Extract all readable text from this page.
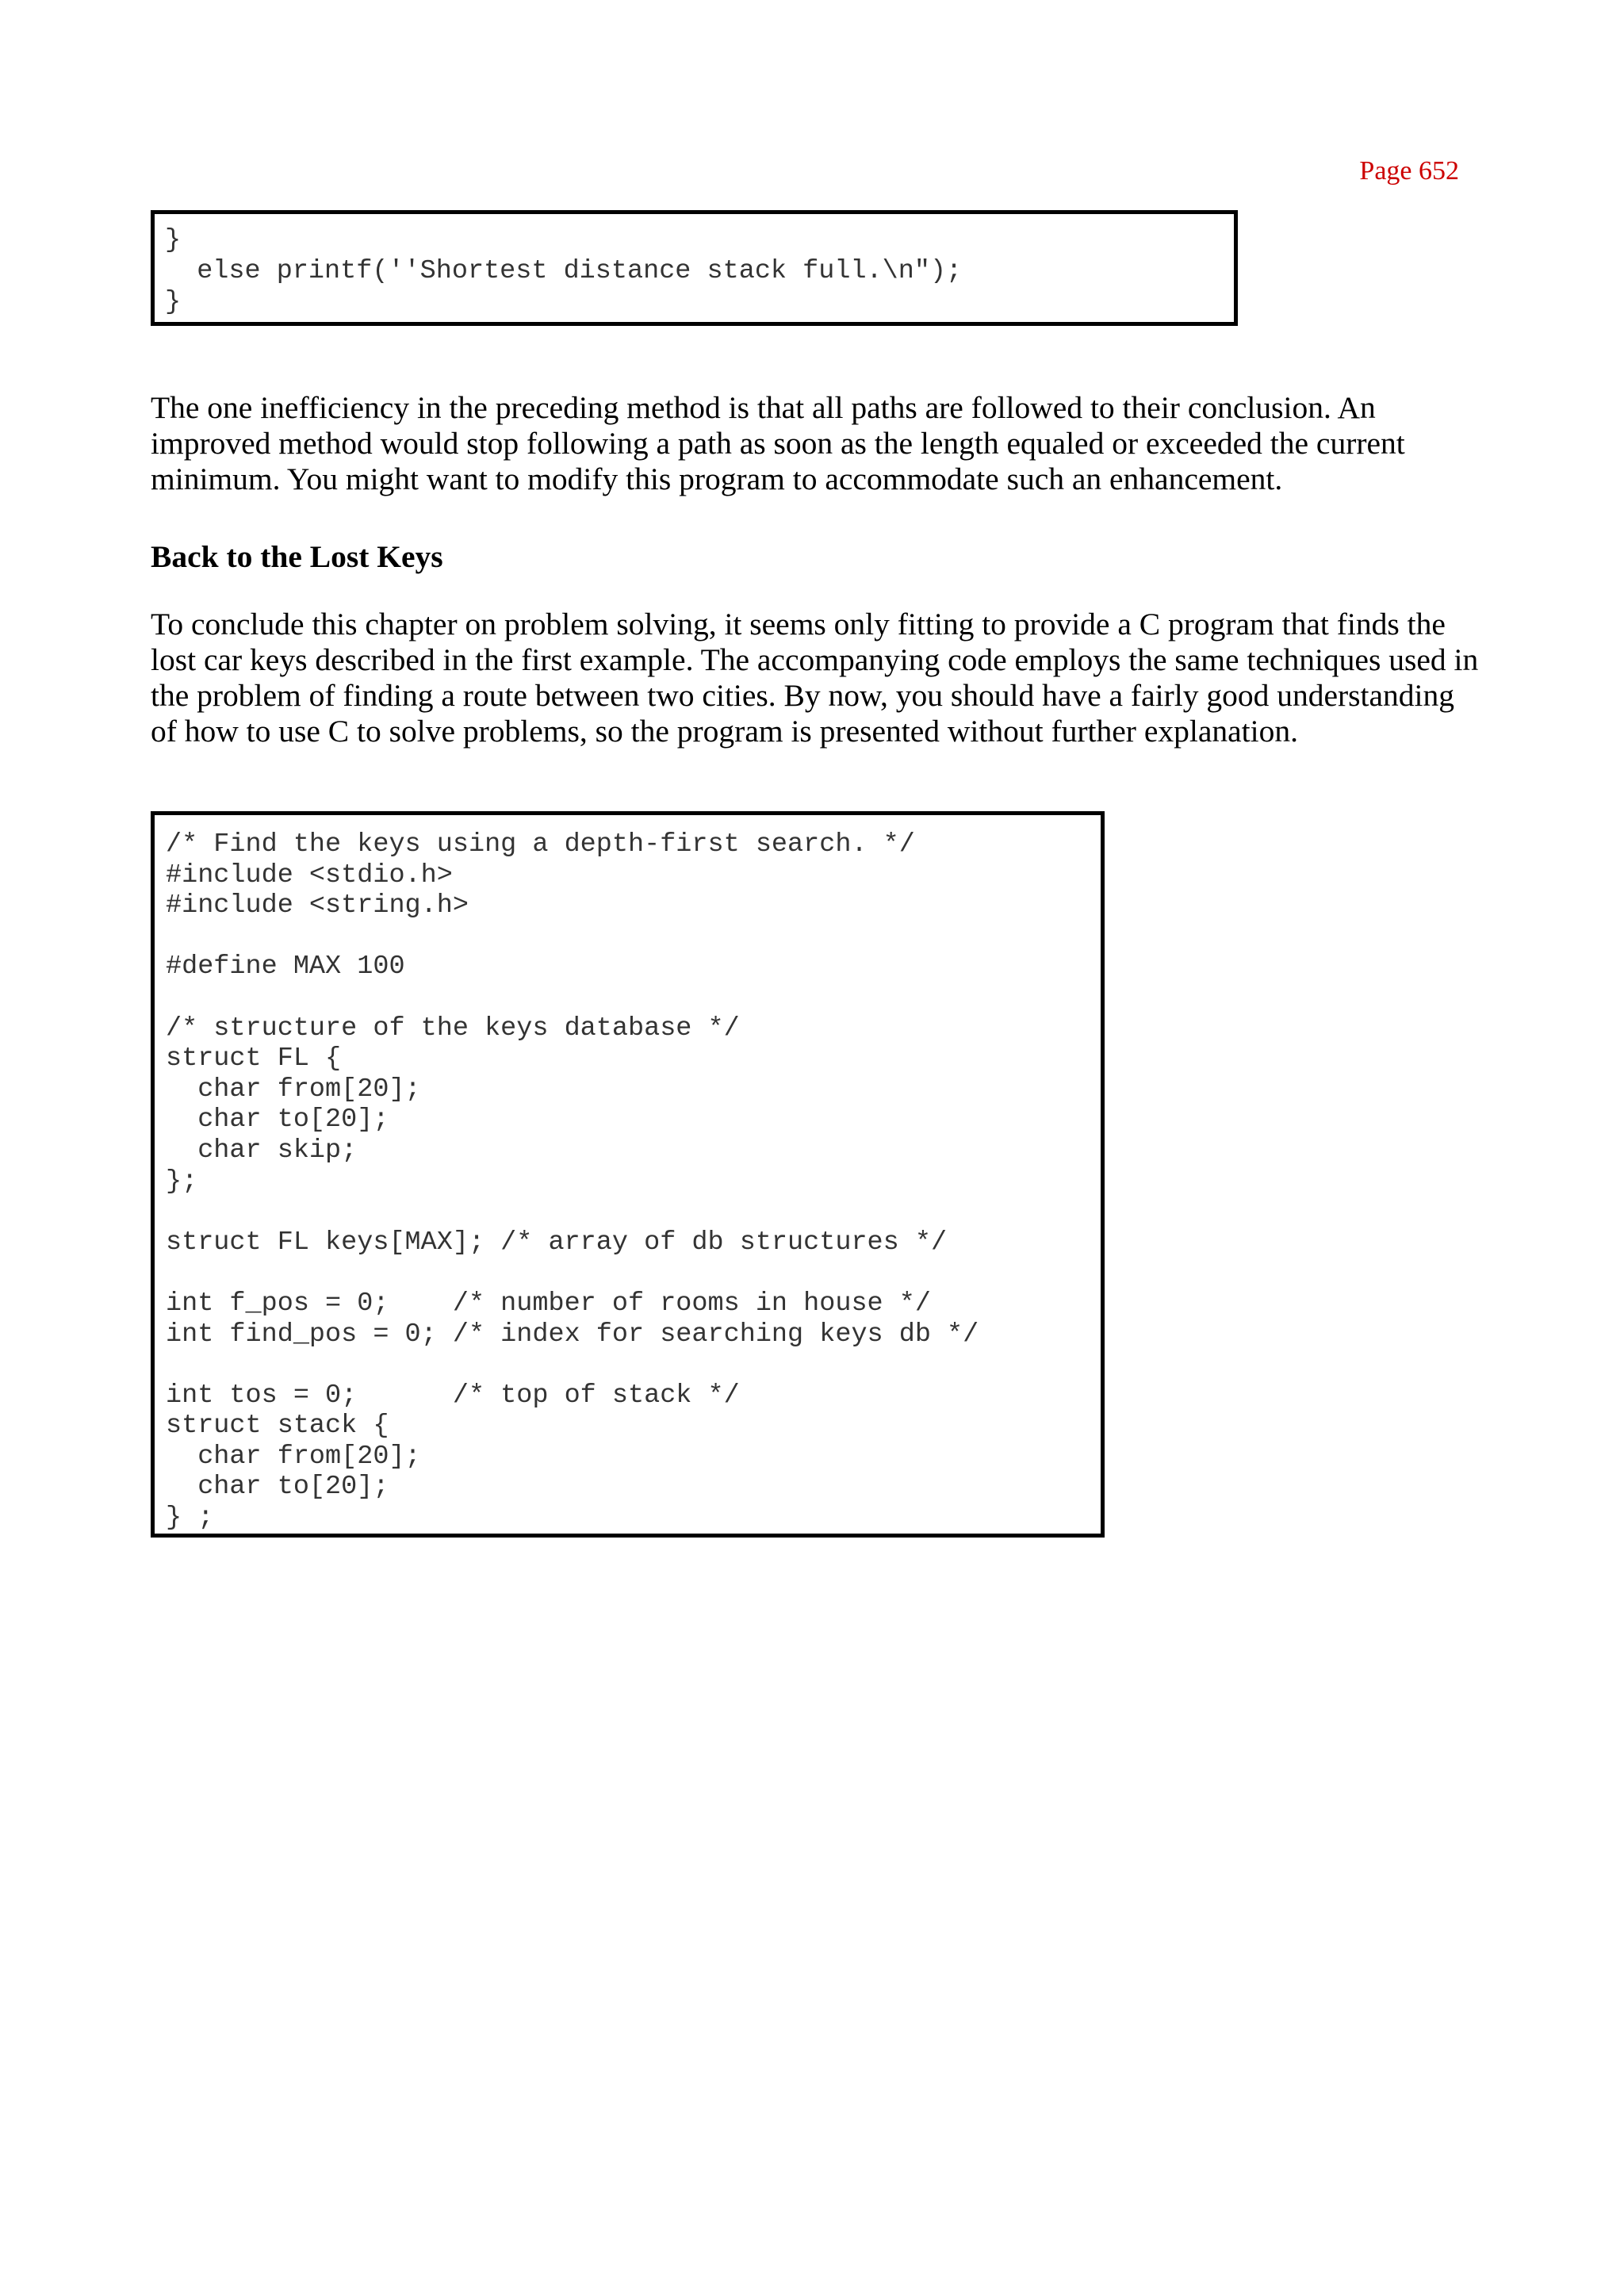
Page 652
}
else printf(''Shortest distance stack full.\n");
}

The one inefficiency in the preceding method is that all paths are followed to their conclusion. An improved method would stop following a path as soon as the length equaled or exceeded the current minimum. You might want to modify this program to accommodate such an enhancement.

Back to the Lost Keys

To conclude this chapter on problem solving, it seems only fitting to provide a C program that finds the lost car keys described in the first example. The accompanying code employs the same techniques used in the problem of finding a route between two cities. By now, you should have a fairly good understanding of how to use C to solve problems, so the program is presented without further explanation.

/* Find the keys using a depth-first search. */
#include <stdio.h>
#include <string.h>

#define MAX 100

/* structure of the keys database */
struct FL {
char from[20];
char to[20];
char skip;
};

struct FL keys[MAX]; /* array of db structures */

int f_pos = 0;    /* number of rooms in house */
int find_pos = 0; /* index for searching keys db */

int tos = 0;      /* top of stack */
struct stack {
char from[20];
char to[20];
} ;
